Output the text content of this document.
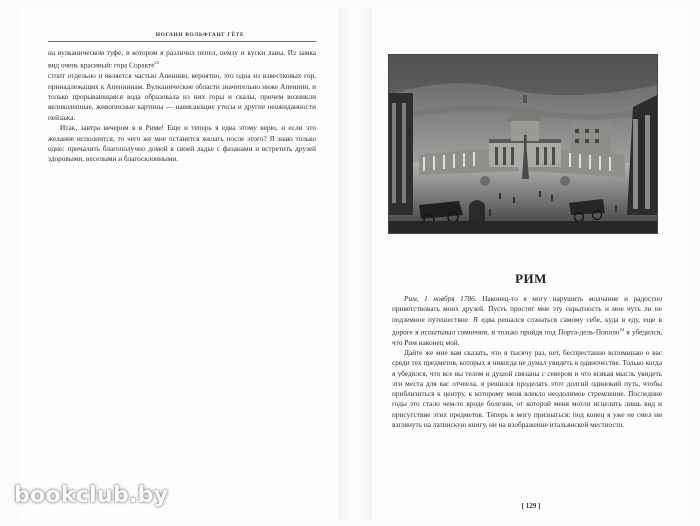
ИОГАНН ВОЛЬФГАНГ ГЁТЕ

на вулканическом туфе, в котором я различил пепел, пемзу и куски лавы. Из замка вид очень красивый: гора Соракте$^{23}$

стоит отдельно и является частью Апеннин, вероятно, это одна из известковых гор, принадлежащих к Апеннинам. Вулканические области значительно ниже Апеннин, и только прорывающаяся вода образовала из них горы и скалы, причем возникли великолепные, живописные картины — нависающие утесы и другие неожиданности пейзажа.

Итак, завтра вечером я в Риме! Еще и теперь я едва этому верю, и если это желание исполнится, то чего же мне останется желать после этого? Я знаю только одно: причалить благополучно домой в своей ладье с фазанами и встретить друзей здоровыми, веселыми и благосклонными.

РИМ

Рим, 1 ноября 1786. Наконец-то я могу нарушить молчание и радостно приветствовать моих друзей. Пусть простят мне эту скрытность и мое чуть ли не подземное путешествие. Я едва решался сознаться самому себе, куда я еду, еще в дороге я испытывал сомнения, и только пройдя под Порта-дель-Пополо$^{24}$ я убедился, что Рим наконец мой.

Дайте же мне вам сказать, что я тысячу раз, нет, беспрестанно вспоминаю о вас среди тех предметов, которых я никогда не думал увидеть в одиночестве. Только когда я убедился, что все вы телом и душой связаны с севером и что всякая мысль увидеть эти места для вас отчеела, я решился проделать этот долгий одинокий путь, чтобы приблизиться к центру, к которому меня влекло неодолимое стремление. Последние годы это стало чем-то вроде болезни, от которой меня могли исцелить лишь вид и присутствие этих предметов. Теперь я могу признаться: под конец я уже не смел ни взглянуть на латинскую книгу, ни на изображение итальянской местности.

[ 129 ]
bookclub.by
